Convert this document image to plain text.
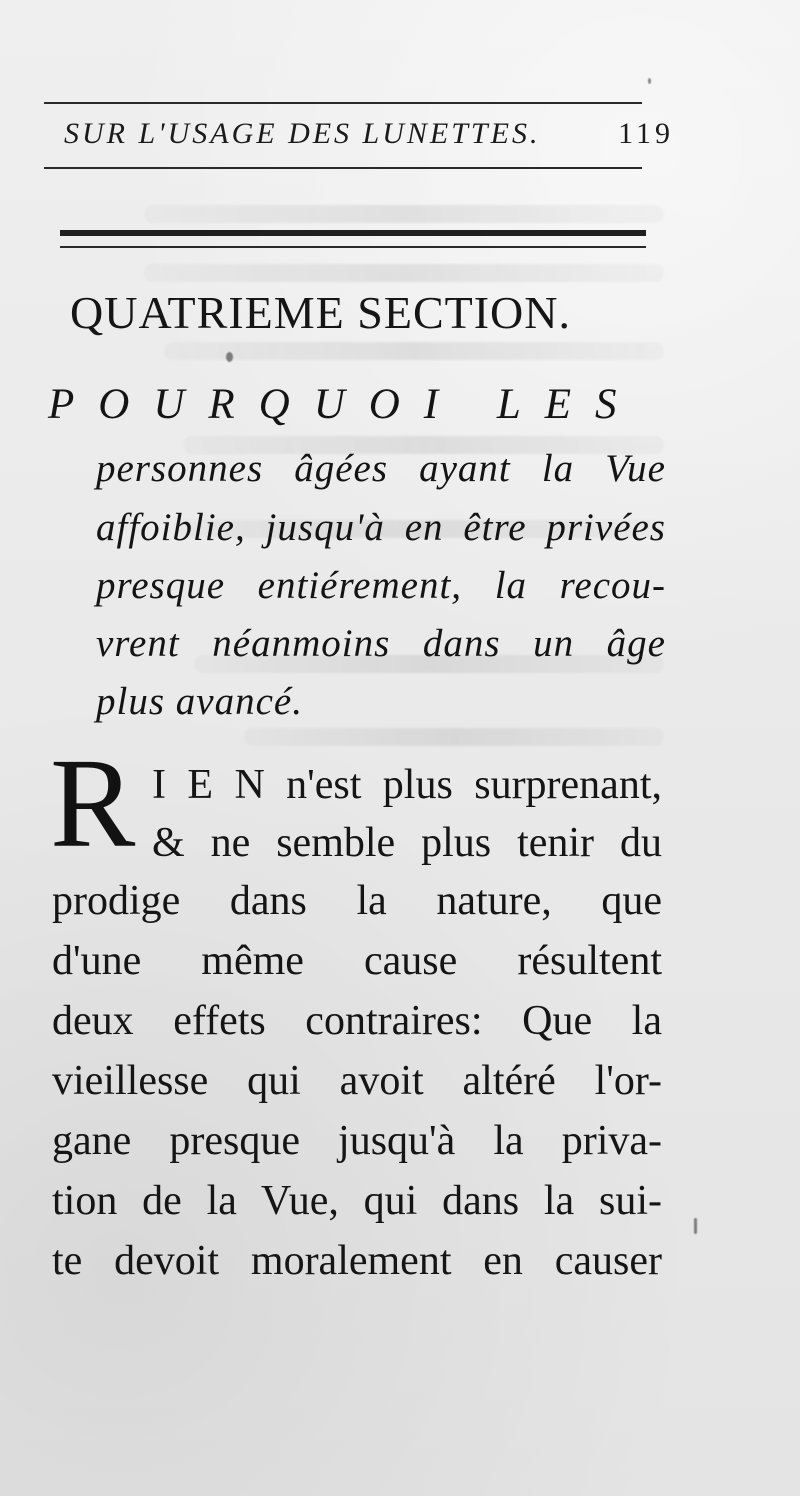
SUR L'USAGE DES LUNETTES.	119
QUATRIEME SECTION.
POURQUOI LES
personnes âgées ayant la Vue
affoiblie, jusqu'à en être privées
presque entiérement, la recou-
vrent néanmoins dans un âge
plus avancé.
R I E N n'est plus surprenant,
& ne semble plus tenir du
prodige dans la nature, que
d'une même cause résultent
deux effets contraires: Que la
vieillesse qui avoit altéré l'or-
gane presque jusqu'à la priva-
tion de la Vue, qui dans la sui-
te devoit moralement en causer
